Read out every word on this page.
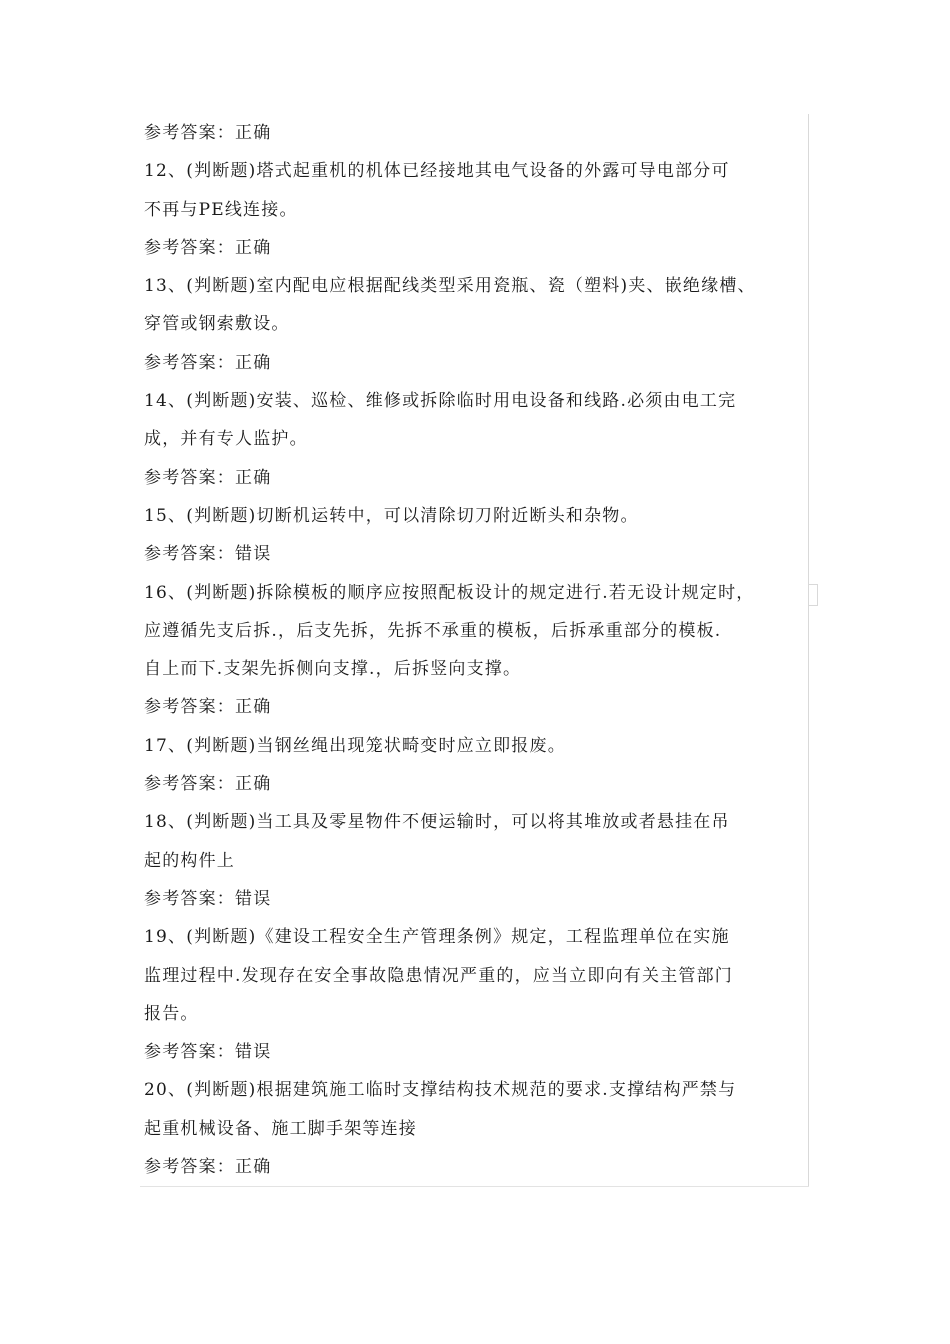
参考答案：正确
12、(判断题)塔式起重机的机体已经接地其电气设备的外露可导电部分可
不再与PE线连接。
参考答案：正确
13、(判断题)室内配电应根据配线类型采用瓷瓶、瓷（塑料)夹、嵌绝缘槽、
穿管或钢索敷设。
参考答案：正确
14、(判断题)安装、巡检、维修或拆除临时用电设备和线路.必须由电工完
成，并有专人监护。
参考答案：正确
15、(判断题)切断机运转中，可以清除切刀附近断头和杂物。
参考答案：错误
16、(判断题)拆除模板的顺序应按照配板设计的规定进行.若无设计规定时，
应遵循先支后拆.，后支先拆，先拆不承重的模板，后拆承重部分的模板.
自上而下.支架先拆侧向支撑.，后拆竖向支撑。
参考答案：正确
17、(判断题)当钢丝绳出现笼状畸变时应立即报废。
参考答案：正确
18、(判断题)当工具及零星物件不便运输时，可以将其堆放或者悬挂在吊
起的构件上
参考答案：错误
19、(判断题)《建设工程安全生产管理条例》规定，工程监理单位在实施
监理过程中.发现存在安全事故隐患情况严重的，应当立即向有关主管部门
报告。
参考答案：错误
20、(判断题)根据建筑施工临时支撑结构技术规范的要求.支撑结构严禁与
起重机械设备、施工脚手架等连接
参考答案：正确
